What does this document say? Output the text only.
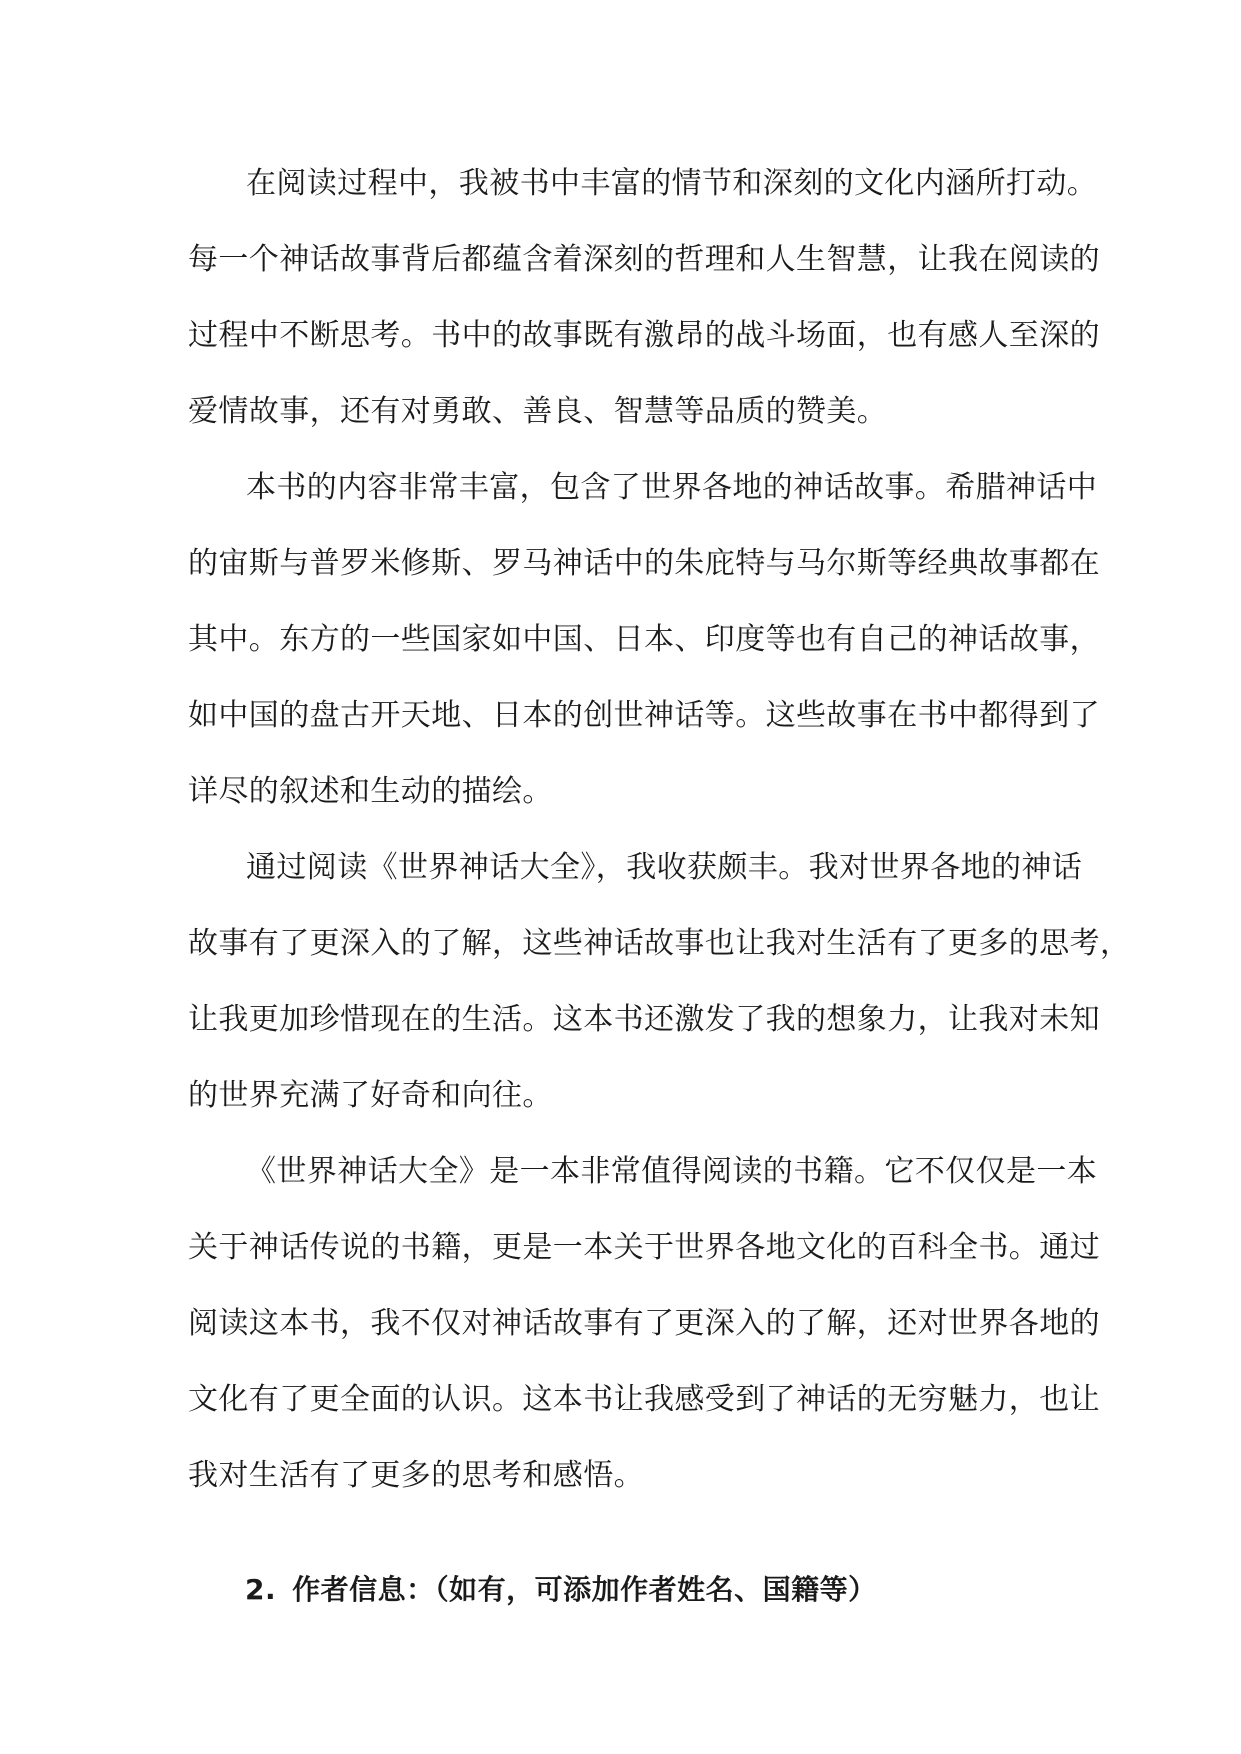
在阅读过程中，我被书中丰富的情节和深刻的文化内涵所打动。
每一个神话故事背后都蕴含着深刻的哲理和人生智慧，让我在阅读的
过程中不断思考。书中的故事既有激昂的战斗场面，也有感人至深的
爱情故事，还有对勇敢、善良、智慧等品质的赞美。

本书的内容非常丰富，包含了世界各地的神话故事。希腊神话中
的宙斯与普罗米修斯、罗马神话中的朱庇特与马尔斯等经典故事都在
其中。东方的一些国家如中国、日本、印度等也有自己的神话故事，
如中国的盘古开天地、日本的创世神话等。这些故事在书中都得到了
详尽的叙述和生动的描绘。

通过阅读《世界神话大全》，我收获颇丰。我对世界各地的神话
故事有了更深入的了解，这些神话故事也让我对生活有了更多的思考，
让我更加珍惜现在的生活。这本书还激发了我的想象力，让我对未知
的世界充满了好奇和向往。

《世界神话大全》是一本非常值得阅读的书籍。它不仅仅是一本
关于神话传说的书籍，更是一本关于世界各地文化的百科全书。通过
阅读这本书，我不仅对神话故事有了更深入的了解，还对世界各地的
文化有了更全面的认识。这本书让我感受到了神话的无穷魅力，也让
我对生活有了更多的思考和感悟。

2. 作者信息：（如有，可添加作者姓名、国籍等）
